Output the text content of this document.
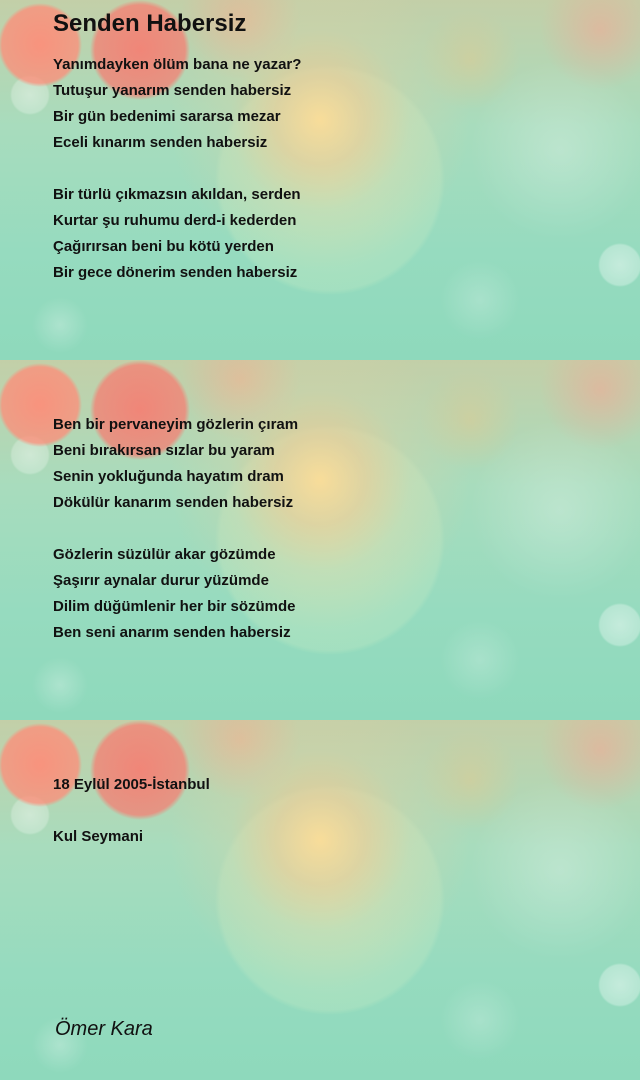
Senden Habersiz
Yanımdayken ölüm bana ne yazar?
Tutuşur yanarım senden habersiz
Bir gün bedenimi sararsa mezar
Eceli kınarım senden habersiz
Bir türlü çıkmazsın akıldan, serden
Kurtar şu ruhumu derd-i kederden
Çağırırsan beni bu kötü yerden
Bir gece dönerim senden habersiz
Ben bir pervaneyim gözlerin çıram
Beni bırakırsan sızlar bu yaram
Senin yokluğunda hayatım dram
Dökülür kanarım senden habersiz
Gözlerin süzülür akar gözümde
Şaşırır aynalar durur yüzümde
Dilim düğümlenir her bir sözümde
Ben seni anarım senden habersiz

18 Eylül 2005-İstanbul

Kul Seymani

Ömer Kara
